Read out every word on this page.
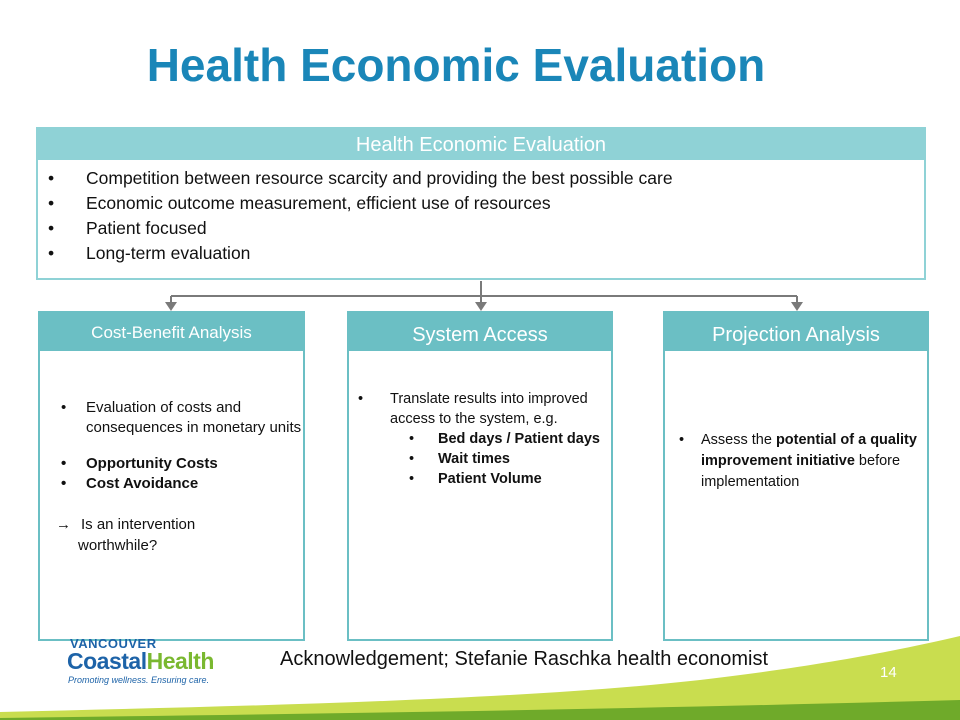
Health Economic Evaluation
Health Economic Evaluation
• Competition between resource scarcity and providing the best possible care
• Economic outcome measurement, efficient use of resources
• Patient focused
• Long-term evaluation
Cost-Benefit Analysis
• Evaluation of costs and consequences in monetary units
• Opportunity Costs
• Cost Avoidance
→ Is an intervention
worthwhile?
System Access
• Translate results into improved access to the system, e.g.
• Bed days / Patient days
• Wait times
• Patient Volume
Projection Analysis
• Assess the potential of a quality improvement initiative before implementation
VANCOUVER
CoastalHealth
Promoting wellness. Ensuring care.
Acknowledgement; Stefanie Raschka health economist
14
